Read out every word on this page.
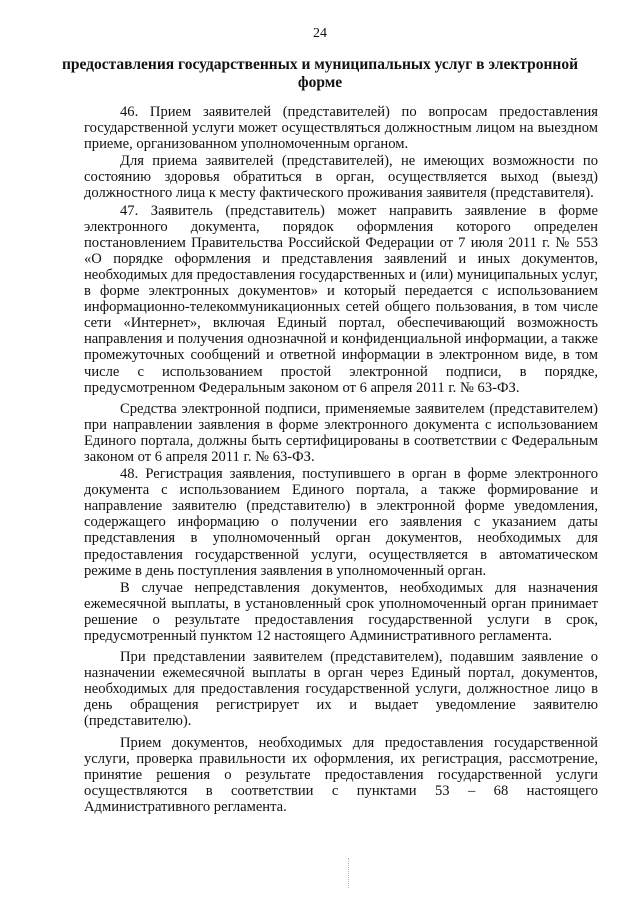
24
предоставления государственных и муниципальных услуг в электронной форме

46. Прием заявителей (представителей) по вопросам предоставления государственной услуги может осуществляться должностным лицом на выездном приеме, организованном уполномоченным органом.

Для приема заявителей (представителей), не имеющих возможности по состоянию здоровья обратиться в орган, осуществляется выход (выезд) должностного лица к месту фактического проживания заявителя (представителя).

47. Заявитель (представитель) может направить заявление в форме электронного документа, порядок оформления которого определен постановлением Правительства Российской Федерации от 7 июля 2011 г. № 553 «О порядке оформления и представления заявлений и иных документов, необходимых для предоставления государственных и (или) муниципальных услуг, в форме электронных документов» и который передается с использованием информационно-телекоммуникационных сетей общего пользования, в том числе сети «Интернет», включая Единый портал, обеспечивающий возможность направления и получения однозначной и конфиденциальной информации, а также промежуточных сообщений и ответной информации в электронном виде, в том числе с использованием простой электронной подписи, в порядке, предусмотренном Федеральным законом от 6 апреля 2011 г. № 63-ФЗ.

Средства электронной подписи, применяемые заявителем (представителем) при направлении заявления в форме электронного документа с использованием Единого портала, должны быть сертифицированы в соответствии с Федеральным законом от 6 апреля 2011 г. № 63-ФЗ.

48. Регистрация заявления, поступившего в орган в форме электронного документа с использованием Единого портала, а также формирование и направление заявителю (представителю) в электронной форме уведомления, содержащего информацию о получении его заявления с указанием даты представления в уполномоченный орган документов, необходимых для предоставления государственной услуги, осуществляется в автоматическом режиме в день поступления заявления в уполномоченный орган.

В случае непредставления документов, необходимых для назначения ежемесячной выплаты, в установленный срок уполномоченный орган принимает решение о результате предоставления государственной услуги в срок, предусмотренный пунктом 12 настоящего Административного регламента.

При представлении заявителем (представителем), подавшим заявление о назначении ежемесячной выплаты в орган через Единый портал, документов, необходимых для предоставления государственной услуги, должностное лицо в день обращения регистрирует их и выдает уведомление заявителю (представителю).

Прием документов, необходимых для предоставления государственной услуги, проверка правильности их оформления, их регистрация, рассмотрение, принятие решения о результате предоставления государственной услуги осуществляются в соответствии с пунктами 53 – 68 настоящего Административного регламента.
